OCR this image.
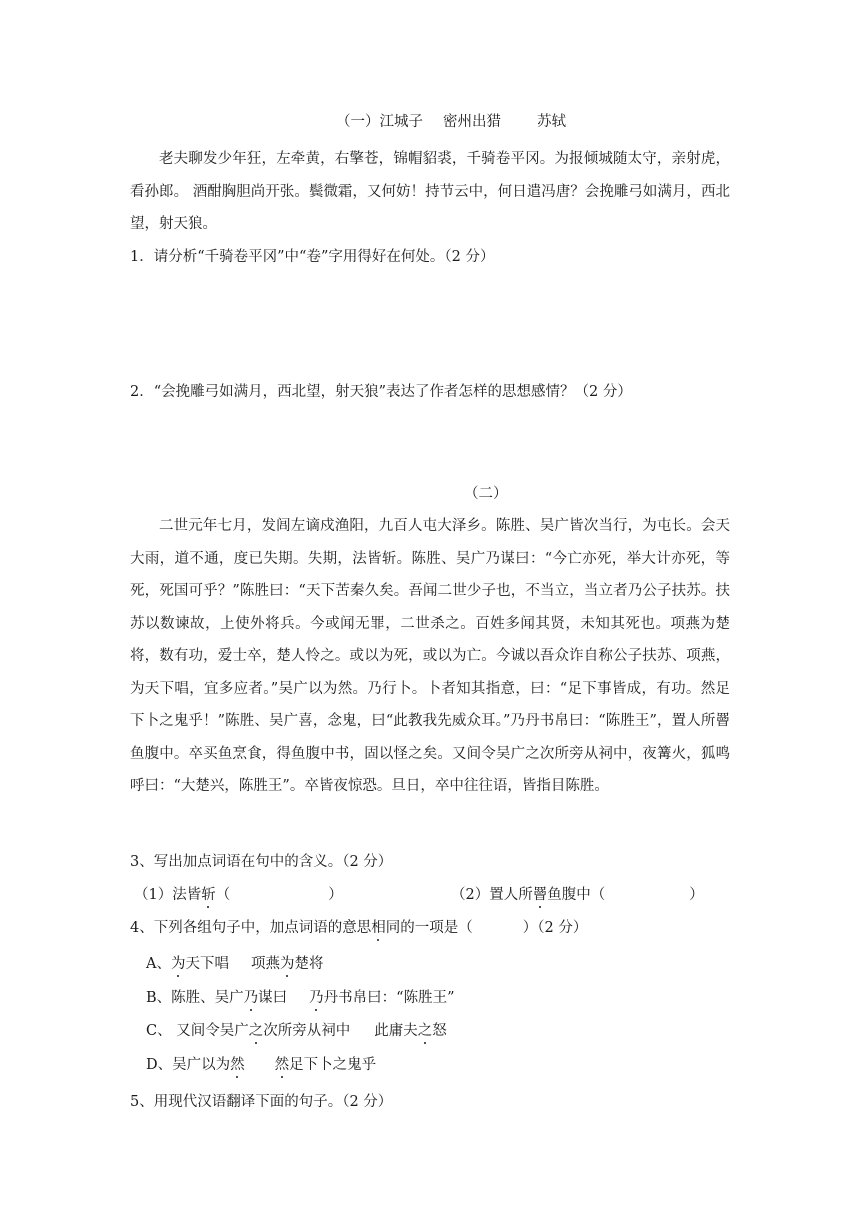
（一）江城子 密州出猎 苏轼
老夫聊发少年狂，左牵黄，右擎苍，锦帽貂裘，千骑卷平冈。为报倾城随太守，亲射虎，看孙郎。 酒酣胸胆尚开张。鬓微霜，又何妨！持节云中，何日遣冯唐？会挽雕弓如满月，西北望，射天狼。
1．请分析“千骑卷平冈”中“卷”字用得好在何处。（2 分）
2．“会挽雕弓如满月，西北望，射天狼”表达了作者怎样的思想感情？（2 分）
（二）
二世元年七月，发闾左谪戍渔阳，九百人屯大泽乡。陈胜、吴广皆次当行，为屯长。会天大雨，道不通，度已失期。失期，法皆斩。陈胜、吴广乃谋曰：“今亡亦死，举大计亦死，等死，死国可乎？”陈胜曰：“天下苦秦久矣。吾闻二世少子也，不当立，当立者乃公子扶苏。扶苏以数谏故，上使外将兵。今或闻无罪，二世杀之。百姓多闻其贤，未知其死也。项燕为楚将，数有功，爱士卒，楚人怜之。或以为死，或以为亡。今诚以吾众诈自称公子扶苏、项燕，为天下唱，宜多应者。”吴广以为然。乃行卜。卜者知其指意，曰：“足下事皆成，有功。然足下卜之鬼乎！”陈胜、吴广喜，念鬼，曰“此教我先威众耳。”乃丹书帛曰：“陈胜王”，置人所罾鱼腹中。卒买鱼烹食，得鱼腹中书，固以怪之矣。又间令吴广之次所旁从祠中，夜篝火，狐鸣呼曰：“大楚兴，陈胜王”。卒皆夜惊恐。旦日，卒中往往语，皆指目陈胜。
3、写出加点词语在句中的含义。（2 分）
（1）法皆斩（	）	（2）置人所罾鱼腹中（	）
4、下列各组句子中，加点词语的意思相同的一项是（	）（2 分）
A、为天下唱 项燕为楚将
B、陈胜、吴广乃谋曰 乃丹书帛曰：“陈胜王”
C、 又间令吴广之次所旁从祠中 此庸夫之怒
D、吴广以为然 然足下卜之鬼乎
5、用现代汉语翻译下面的句子。（2 分）
